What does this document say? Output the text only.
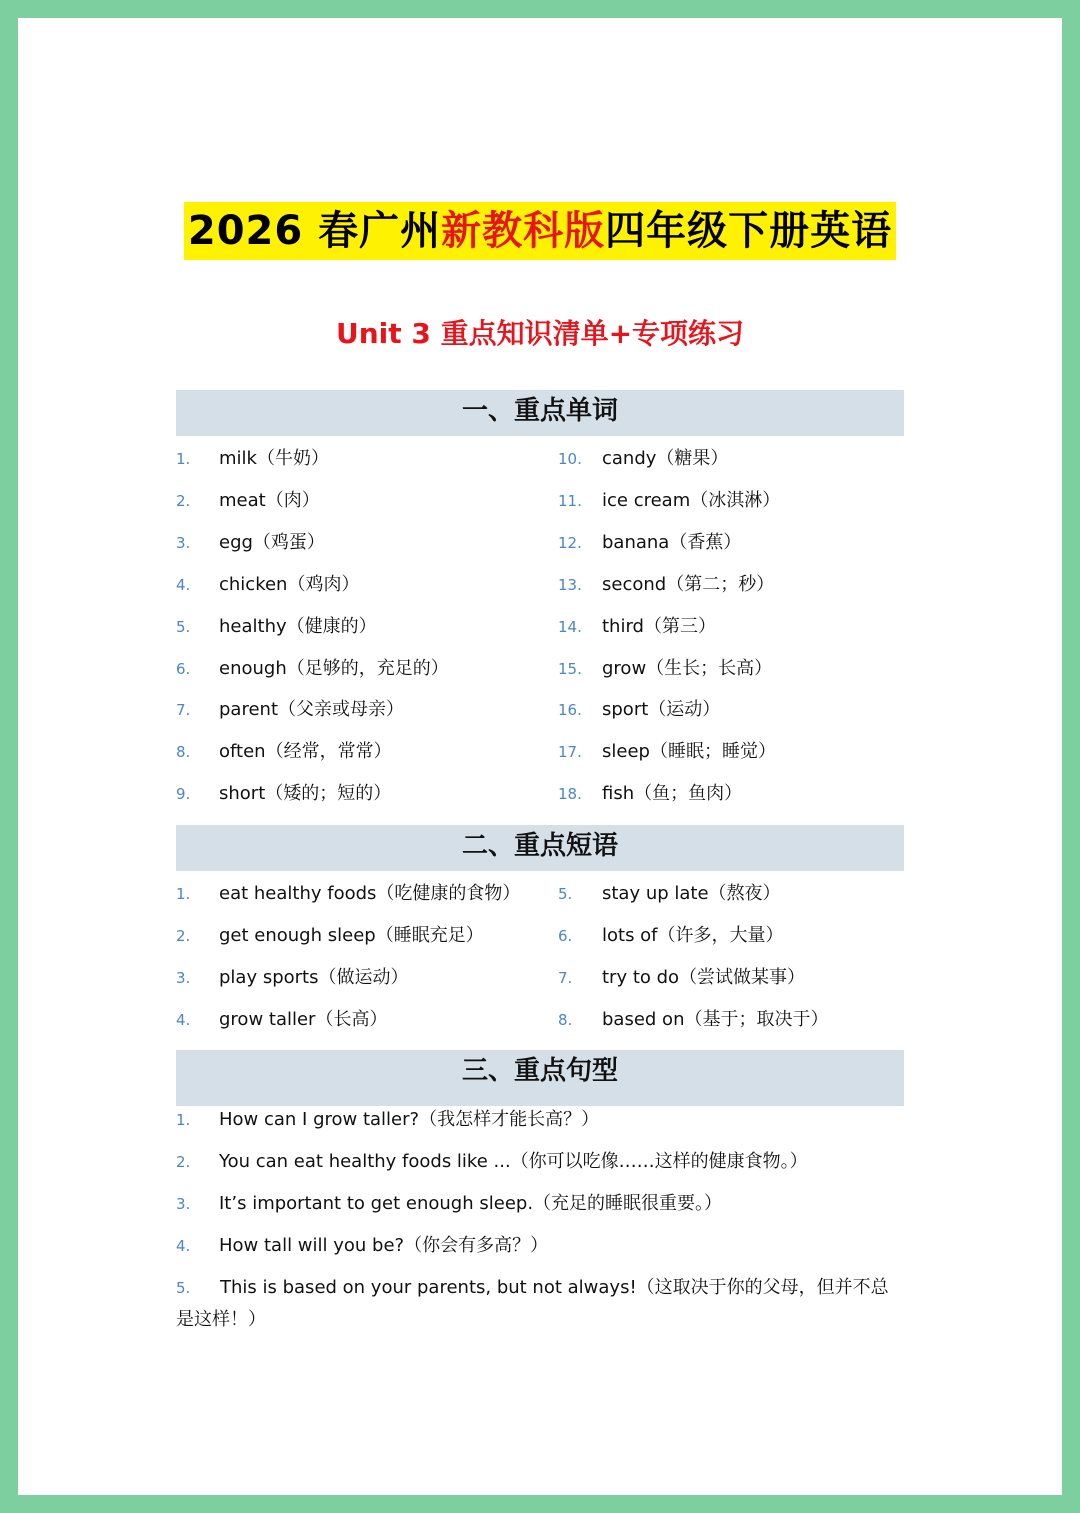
2026 春广州新教科版四年级下册英语
Unit 3 重点知识清单+专项练习
一、重点单词
1. milk（牛奶）
2. meat（肉）
3. egg（鸡蛋）
4. chicken（鸡肉）
5. healthy（健康的）
6. enough（足够的，充足的）
7. parent（父亲或母亲）
8. often（经常，常常）
9. short（矮的；短的）
10. candy（糖果）
11. ice cream（冰淇淋）
12. banana（香蕉）
13. second（第二；秒）
14. third（第三）
15. grow（生长；长高）
16. sport（运动）
17. sleep（睡眠；睡觉）
18. fish（鱼；鱼肉）
二、重点短语
1. eat healthy foods（吃健康的食物）
2. get enough sleep（睡眠充足）
3. play sports（做运动）
4. grow taller（长高）
5. stay up late（熬夜）
6. lots of（许多，大量）
7. try to do（尝试做某事）
8. based on（基于；取决于）
三、重点句型
1. How can I grow taller?（我怎样才能长高？）
2. You can eat healthy foods like ...（你可以吃像……这样的健康食物。）
3. It’s important to get enough sleep.（充足的睡眠很重要。）
4. How tall will you be?（你会有多高？）
5. This is based on your parents, but not always!（这取决于你的父母，但并不总是这样！）
